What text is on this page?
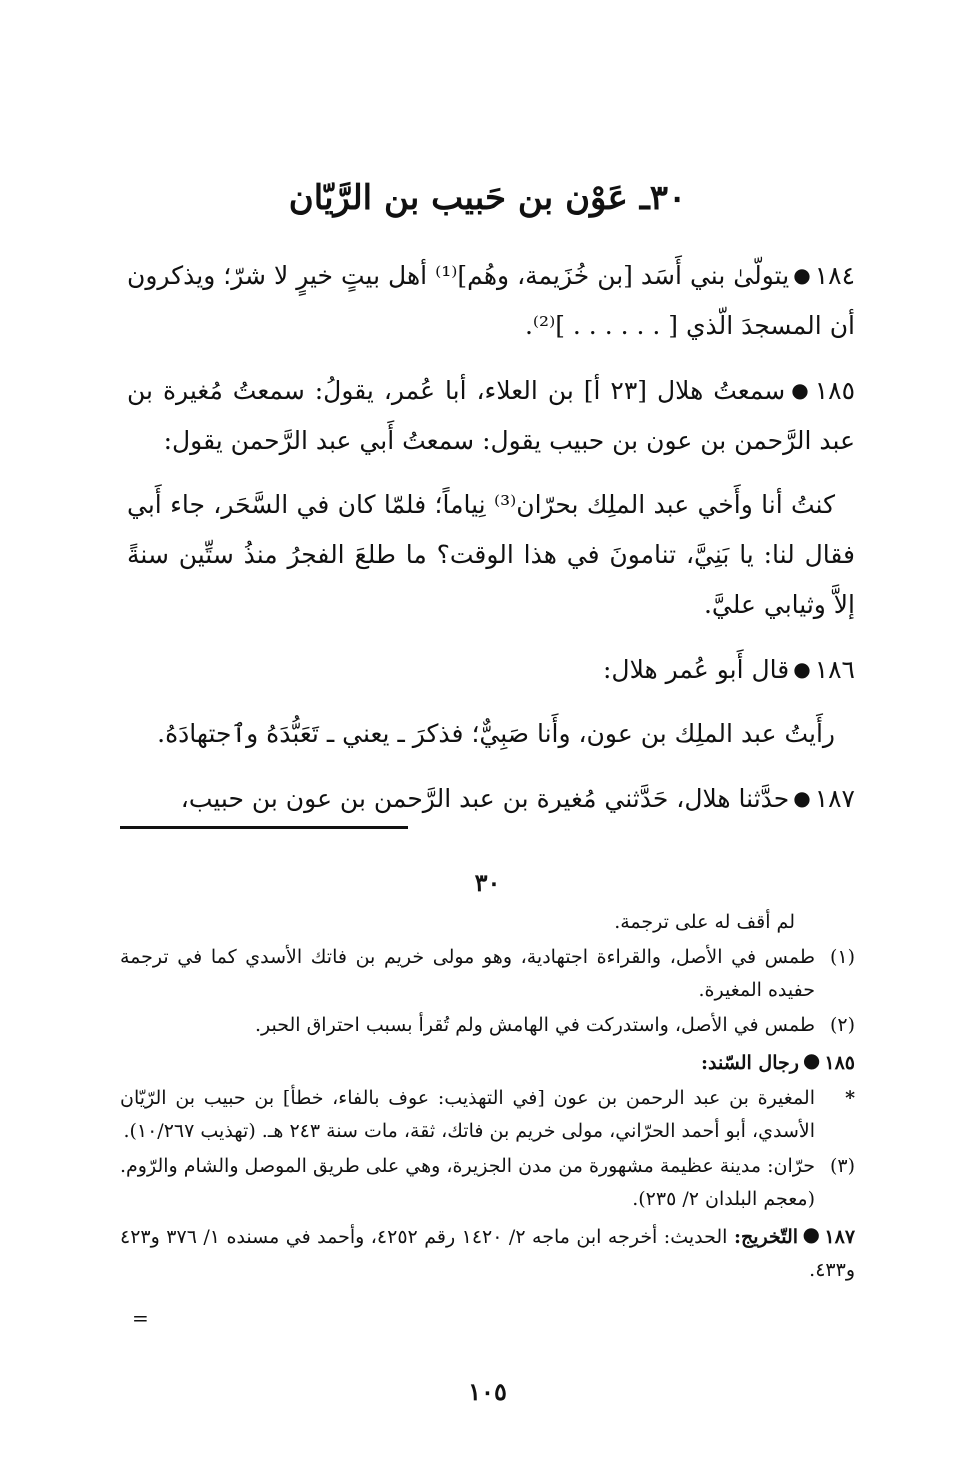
٣٠ـ عَوْن بن حَبيب بن الرَّيّان

١٨٤●يتولّىٰ بني أَسَد [بن خُزَيمة، وهُم]⁽¹⁾ أهل بيتٍ خيرٍ لا شرّ؛ ويذكرون أن المسجدَ الّذي [ . . . . . . ]⁽²⁾.

١٨٥●سمعتُ هلال [٢٣ أ] بن العلاء، أبا عُمر، يقولُ: سمعتُ مُغيرة بن عبد الرَّحمن بن عون بن حبيب يقول: سمعتُ أَبي عبد الرَّحمن يقول:

كنتُ أنا وأَخي عبد الملِك بحرّان⁽³⁾ نِياماً؛ فلمّا كان في السَّحَر، جاء أَبي فقال لنا: يا بَنِيَّ، تنامونَ في هذا الوقت؟ ما طلعَ الفجرُ منذُ ستِّين سنةً إلاَّ وثيابي عليَّ.

١٨٦●قال أَبو عُمر هلال:

رأَيتُ عبد الملِك بن عون، وأَنا صَبِيٌّ؛ فذكرَ ـ يعني ـ تَعَبُّدَهُ وٱجتهادَهُ.

١٨٧●حدَّثنا هلال، حَدَّثني مُغيرة بن عبد الرَّحمن بن عون بن حبيب،

٣٠
لم أقف له على ترجمة.
(١)
طمس في الأصل، والقراءة اجتهادية، وهو مولى خريم بن فاتك الأسدي كما في ترجمة حفيده المغيرة.
(٢)
طمس في الأصل، واستدركت في الهامش ولم تُقرأ بسبب احتراق الحبر.
١٨٥●رجال السّند:
*
المغيرة بن عبد الرحمن بن عون [في التهذيب: عوف بالفاء، خطأ] بن حبيب بن الرّيّان الأسدي، أبو أحمد الحرّاني، مولى خريم بن فاتك، ثقة، مات سنة ٢٤٣ هـ. (تهذيب ١٠/٢٦٧).
(٣)
حرّان: مدينة عظيمة مشهورة من مدن الجزيرة، وهي على طريق الموصل والشام والرّوم. (معجم البلدان ٢/ ٢٣٥).
١٨٧●التّخريج: الحديث: أخرجه ابن ماجه ٢/ ١٤٢٠ رقم ٤٢٥٢، وأحمد في مسنده ١/ ٣٧٦ و٤٢٣ و٤٣٣.
=
١٠٥
